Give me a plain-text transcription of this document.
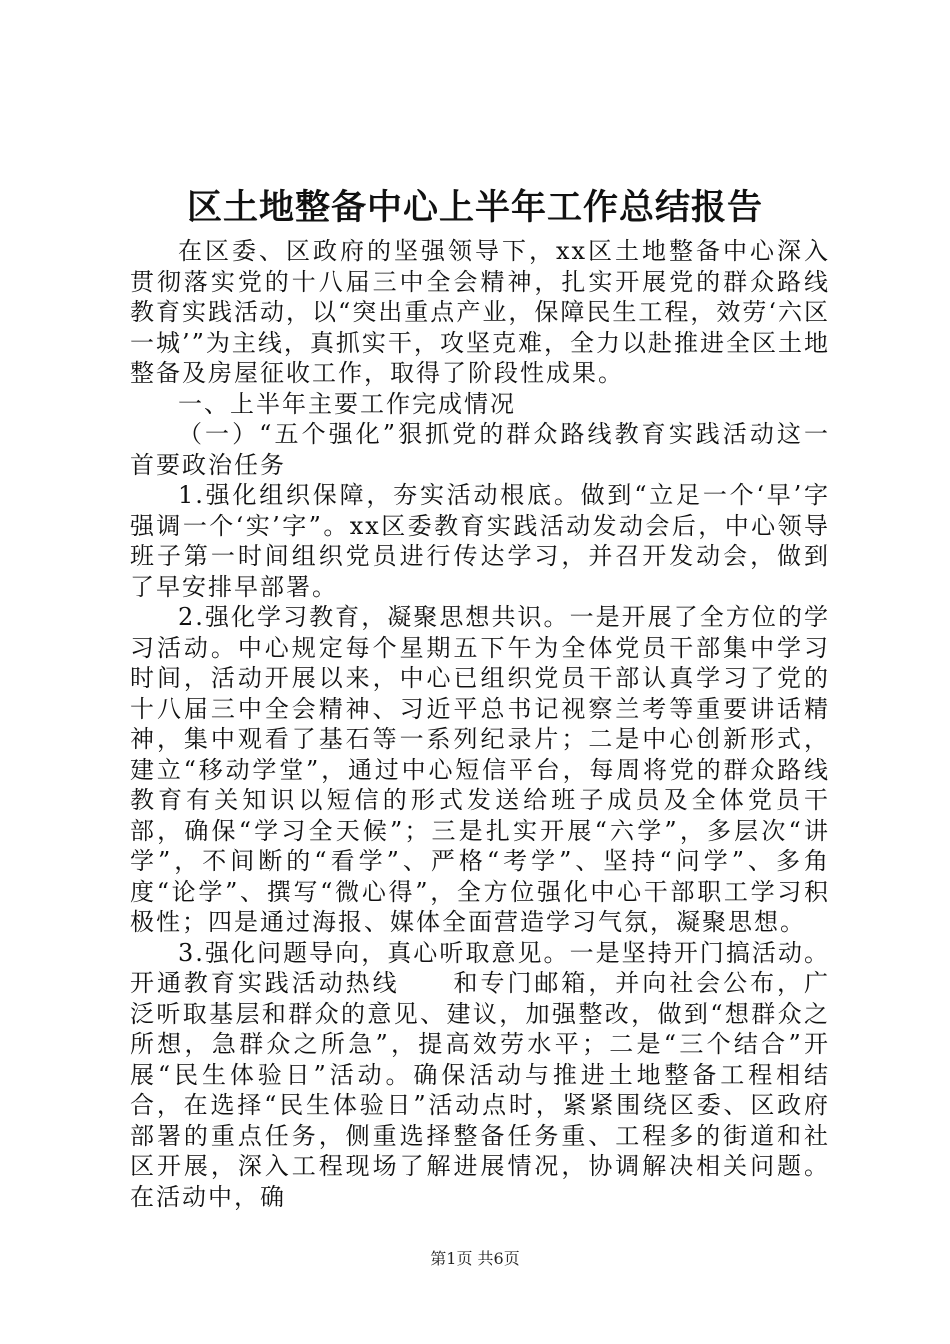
区土地整备中心上半年工作总结报告

在区委、区政府的坚强领导下，xx区土地整备中心深入贯彻落实党的十八届三中全会精神，扎实开展党的群众路线教育实践活动，以“突出重点产业，保障民生工程，效劳‘六区一城’”为主线，真抓实干，攻坚克难，全力以赴推进全区土地整备及房屋征收工作，取得了阶段性成果。

一、上半年主要工作完成情况

（一）“五个强化”狠抓党的群众路线教育实践活动这一首要政治任务

1.强化组织保障，夯实活动根底。做到“立足一个‘早’字强调一个‘实’字”。xx区委教育实践活动发动会后，中心领导班子第一时间组织党员进行传达学习，并召开发动会，做到了早安排早部署。

2.强化学习教育，凝聚思想共识。一是开展了全方位的学习活动。中心规定每个星期五下午为全体党员干部集中学习时间，活动开展以来，中心已组织党员干部认真学习了党的十八届三中全会精神、习近平总书记视察兰考等重要讲话精神，集中观看了基石等一系列纪录片；二是中心创新形式，建立“移动学堂”，通过中心短信平台，每周将党的群众路线教育有关知识以短信的形式发送给班子成员及全体党员干部，确保“学习全天候”；三是扎实开展“六学”，多层次“讲学”，不间断的“看学”、严格“考学”、坚持“问学”、多角度“论学”、撰写“微心得”，全方位强化中心干部职工学习积极性；四是通过海报、媒体全面营造学习气氛，凝聚思想。

3.强化问题导向，真心听取意见。一是坚持开门搞活动。开通教育实践活动热线　　和专门邮箱，并向社会公布，广泛听取基层和群众的意见、建议，加强整改，做到“想群众之所想，急群众之所急”，提高效劳水平；二是“三个结合”开展“民生体验日”活动。确保活动与推进土地整备工程相结合，在选择“民生体验日”活动点时，紧紧围绕区委、区政府部署的重点任务，侧重选择整备任务重、工程多的街道和社区开展，深入工程现场了解进展情况，协调解决相关问题。在活动中，确

第1页 共6页
